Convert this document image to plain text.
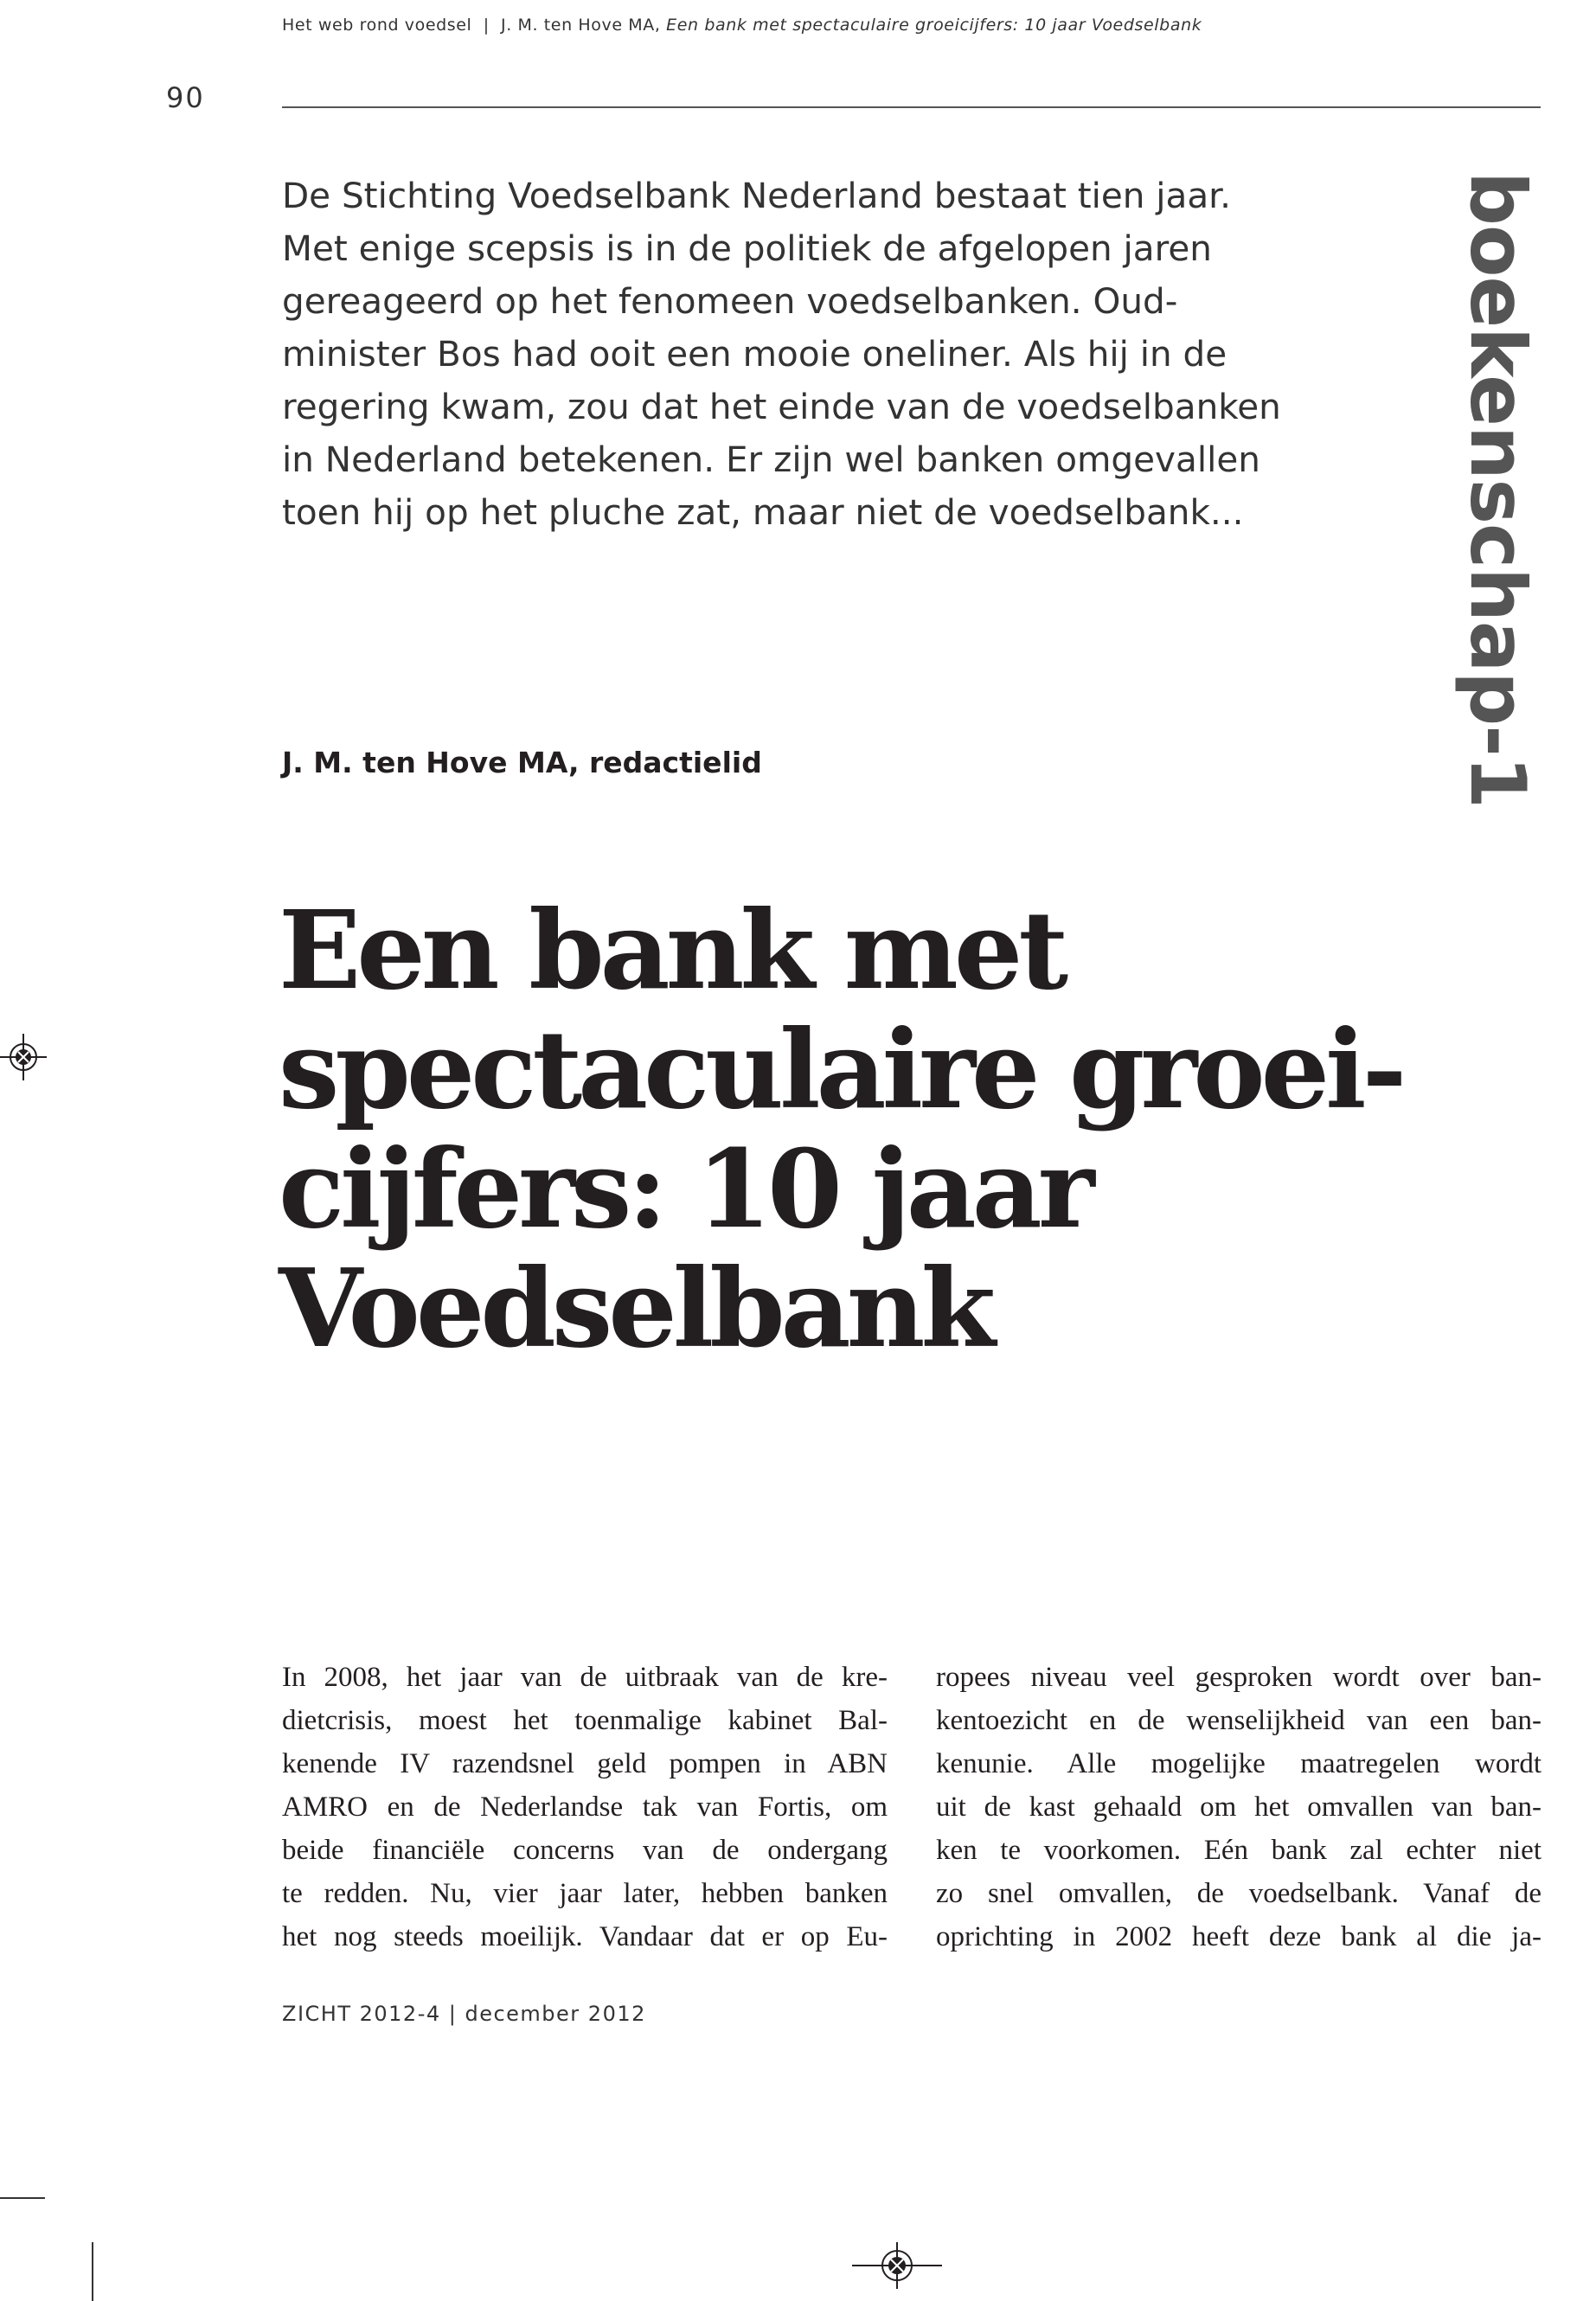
Het web rond voedsel  |  J. M. ten Hove MA, Een bank met spectaculaire groeicijfers: 10 jaar Voedselbank
90
De Stichting Voedselbank Nederland bestaat tien jaar.
Met enige scepsis is in de politiek de afgelopen jaren
gereageerd op het fenomeen voedselbanken. Oud-
minister Bos had ooit een mooie oneliner. Als hij in de
regering kwam, zou dat het einde van de voedselbanken
in Nederland betekenen. Er zijn wel banken omgevallen
toen hij op het pluche zat, maar niet de voedselbank...	boekenschap-1
J. M. ten Hove MA, redactielid
Een bank met
spectaculaire groei-
cijfers: 10 jaar
Voedselbank
In 2008, het jaar van de uitbraak van de kre-
dietcrisis, moest het toenmalige kabinet Bal-
kenende IV razendsnel geld pompen in ABN
AMRO en de Nederlandse tak van Fortis, om
beide financiële concerns van de ondergang
te redden. Nu, vier jaar later, hebben banken
het nog steeds moeilijk. Vandaar dat er op Eu-
ropees niveau veel gesproken wordt over ban-
kentoezicht en de wenselijkheid van een ban-
kenunie. Alle mogelijke maatregelen wordt
uit de kast gehaald om het omvallen van ban-
ken te voorkomen. Eén bank zal echter niet
zo snel omvallen, de voedselbank. Vanaf de
oprichting in 2002 heeft deze bank al die ja-
ZICHT 2012-4 | december 2012
